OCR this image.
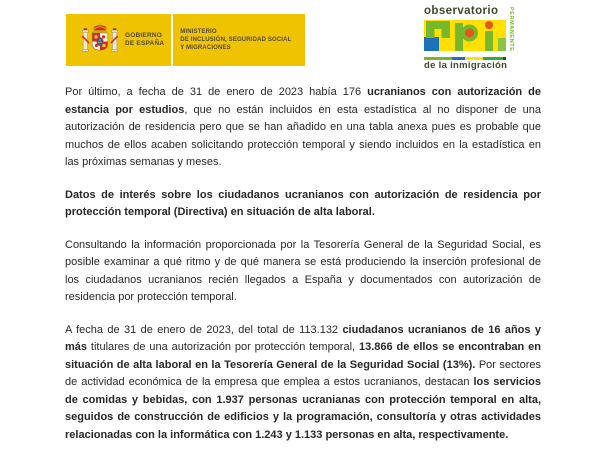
GOBIERNO
DE ESPAÑA
MINISTERIO
DE INCLUSIÓN, SEGURIDAD SOCIAL
Y MIGRACIONES
observatorio	PERMANENTE
de la inmigración
Por último, a fecha de 31 de enero de 2023 había 176 ucranianos con autorización de estancia por estudios, que no están incluidos en esta estadística al no disponer de una autorización de residencia pero que se han añadido en una tabla anexa pues es probable que muchos de ellos acaben solicitando protección temporal y siendo incluidos en la estadística en las próximas semanas y meses.
Datos de interés sobre los ciudadanos ucranianos con autorización de residencia por protección temporal (Directiva) en situación de alta laboral.
Consultando la información proporcionada por la Tesorería General de la Seguridad Social, es posible examinar a qué ritmo y de qué manera se está produciendo la inserción profesional de los ciudadanos ucranianos recién llegados a España y documentados con autorización de residencia por protección temporal.
A fecha de 31 de enero de 2023, del total de 113.132 ciudadanos ucranianos de 16 años y más titulares de una autorización por protección temporal, 13.866 de ellos se encontraban en situación de alta laboral en la Tesorería General de la Seguridad Social (13%). Por sectores de actividad económica de la empresa que emplea a estos ucranianos, destacan los servicios de comidas y bebidas, con 1.937 personas ucranianas con protección temporal en alta, seguidos de construcción de edificios y la programación, consultoría y otras actividades relacionadas con la informática con 1.243 y 1.133 personas en alta, respectivamente.
